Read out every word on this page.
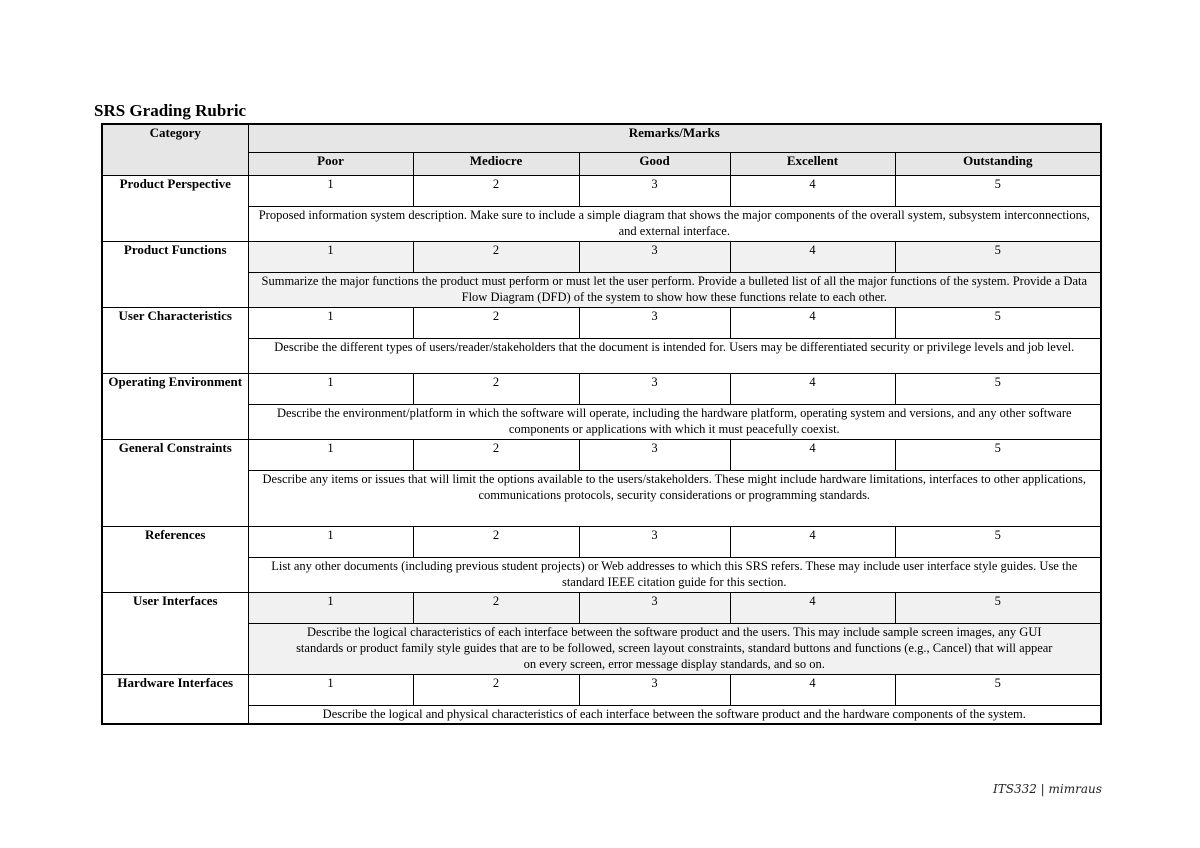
SRS Grading Rubric
Category	Remarks/Marks				
	Poor	Mediocre	Good	Excellent	Outstanding
Product Perspective	1	2	3	4	5
	Proposed information system description. Make sure to include a simple diagram that shows the major components of the overall system, subsystem interconnections, and external interface.				
Product Functions	1	2	3	4	5
	Summarize the major functions the product must perform or must let the user perform. Provide a bulleted list of all the major functions of the system. Provide a Data Flow Diagram (DFD) of the system to show how these functions relate to each other.				
User Characteristics	1	2	3	4	5
	Describe the different types of users/reader/stakeholders that the document is intended for. Users may be differentiated security or privilege levels and job level.				
Operating Environment	1	2	3	4	5
	Describe the environment/platform in which the software will operate, including the hardware platform, operating system and versions, and any other software components or applications with which it must peacefully coexist.				
General Constraints	1	2	3	4	5
	Describe any items or issues that will limit the options available to the users/stakeholders. These might include hardware limitations, interfaces to other applications, communications protocols, security considerations or programming standards.				
References	1	2	3	4	5
	List any other documents (including previous student projects) or Web addresses to which this SRS refers. These may include user interface style guides. Use the standard IEEE citation guide for this section.				
User Interfaces	1	2	3	4	5
	Describe the logical characteristics of each interface between the software product and the users. This may include sample screen images, any GUI standards or product family style guides that are to be followed, screen layout constraints, standard buttons and functions (e.g., Cancel) that will appear on every screen, error message display standards, and so on.				
Hardware Interfaces	1	2	3	4	5
	Describe the logical and physical characteristics of each interface between the software product and the hardware components of the system.				
ITS332 | mimraus
